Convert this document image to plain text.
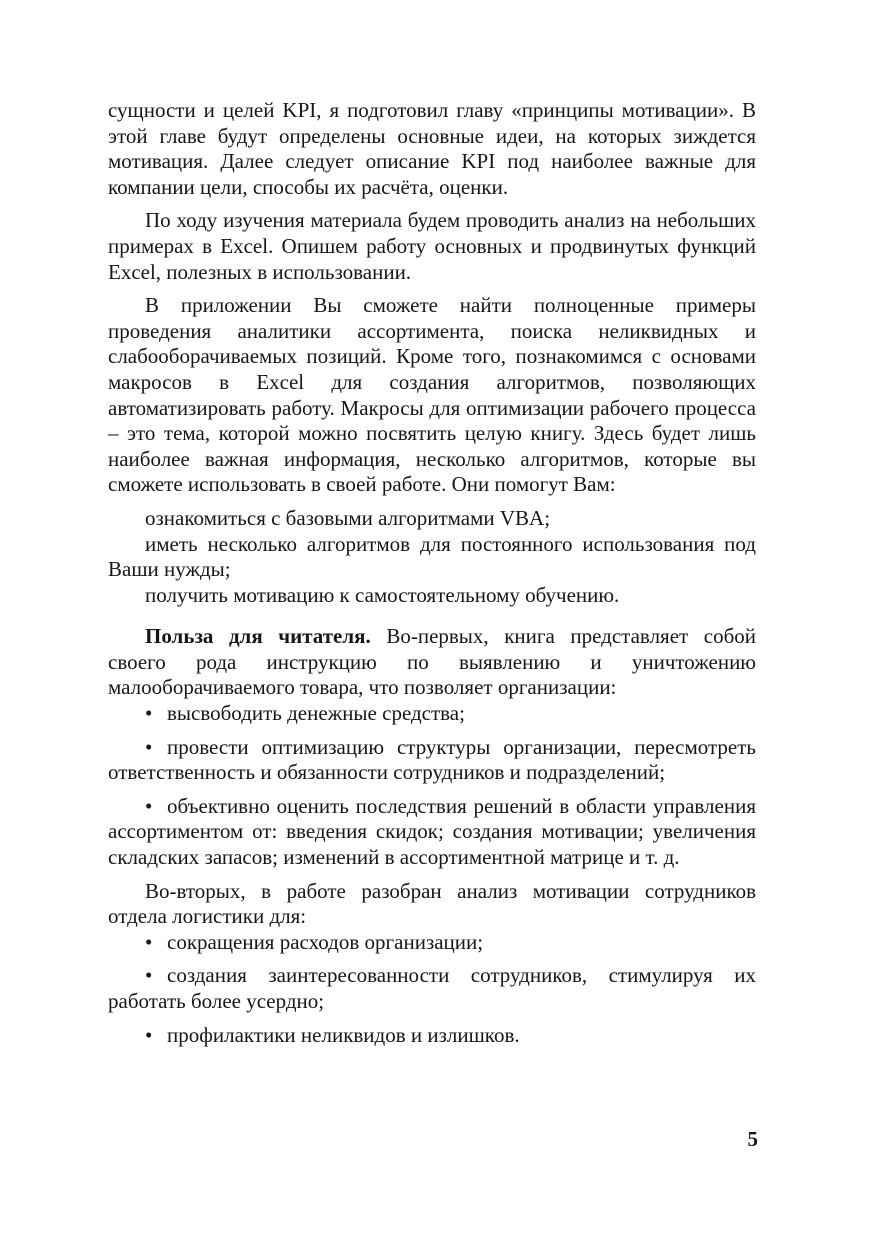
сущности и целей KPI, я подготовил главу «принципы мотивации». В этой главе будут определены основные идеи, на которых зиждется мотивация. Далее следует описание KPI под наиболее важные для компании цели, способы их расчёта, оценки.

По ходу изучения материала будем проводить анализ на небольших примерах в Excel. Опишем работу основных и продвинутых функций Excel, полезных в использовании.

В приложении Вы сможете найти полноценные примеры проведения аналитики ассортимента, поиска неликвидных и слабооборачиваемых позиций. Кроме того, познакомимся с основами макросов в Excel для создания алгоритмов, позволяющих автоматизировать работу. Макросы для оптимизации рабочего процесса – это тема, которой можно посвятить целую книгу. Здесь будет лишь наиболее важная информация, несколько алгоритмов, которые вы сможете использовать в своей работе. Они помогут Вам:

ознакомиться с базовыми алгоритмами VBA;

иметь несколько алгоритмов для постоянного использования под Ваши нужды;

получить мотивацию к самостоятельному обучению.

Польза для читателя. Во-первых, книга представляет собой своего рода инструкцию по выявлению и уничтожению малооборачиваемого товара, что позволяет организации:

• высвободить денежные средства;

• провести оптимизацию структуры организации, пересмотреть ответственность и обязанности сотрудников и подразделений;

• объективно оценить последствия решений в области управления ассортиментом от: введения скидок; создания мотивации; увеличения складских запасов; изменений в ассортиментной матрице и т. д.

Во-вторых, в работе разобран анализ мотивации сотрудников отдела логистики для:

• сокращения расходов организации;

• создания заинтересованности сотрудников, стимулируя их работать более усердно;

• профилактики неликвидов и излишков.

5
